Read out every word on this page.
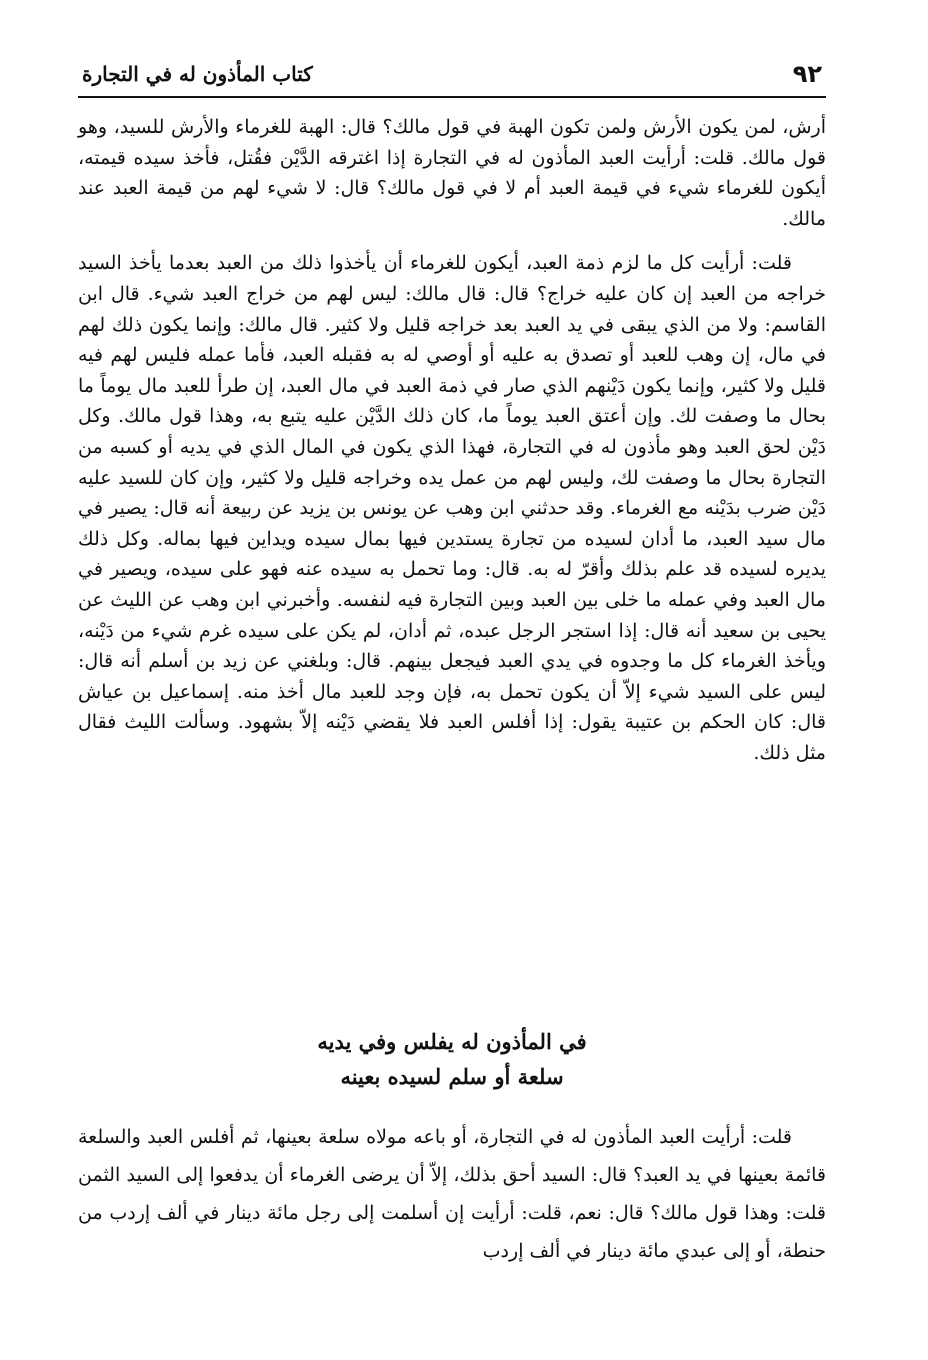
٩٢
كتاب المأذون له في التجارة

أرش، لمن يكون الأرش ولمن تكون الهبة في قول مالك؟ قال: الهبة للغرماء والأرش للسيد، وهو قول مالك. قلت: أرأيت العبد المأذون له في التجارة إذا اغترقه الدَّيْن فقُتل، فأخذ سيده قيمته، أيكون للغرماء شيء في قيمة العبد أم لا في قول مالك؟ قال: لا شيء لهم من قيمة العبد عند مالك.

قلت: أرأيت كل ما لزم ذمة العبد، أيكون للغرماء أن يأخذوا ذلك من العبد بعدما يأخذ السيد خراجه من العبد إن كان عليه خراج؟ قال: قال مالك: ليس لهم من خراج العبد شيء. قال ابن القاسم: ولا من الذي يبقى في يد العبد بعد خراجه قليل ولا كثير. قال مالك: وإنما يكون ذلك لهم في مال، إن وهب للعبد أو تصدق به عليه أو أوصي له به فقبله العبد، فأما عمله فليس لهم فيه قليل ولا كثير، وإنما يكون دَيْنهم الذي صار في ذمة العبد في مال العبد، إن طرأ للعبد مال يوماً ما بحال ما وصفت لك. وإن أعتق العبد يوماً ما، كان ذلك الدَّيْن عليه يتبع به، وهذا قول مالك. وكل دَيْن لحق العبد وهو مأذون له في التجارة، فهذا الذي يكون في المال الذي في يديه أو كسبه من التجارة بحال ما وصفت لك، وليس لهم من عمل يده وخراجه قليل ولا كثير، وإن كان للسيد عليه دَيْن ضرب بدَيْنه مع الغرماء. وقد حدثني ابن وهب عن يونس بن يزيد عن ربيعة أنه قال: يصير في مال سيد العبد، ما أدان لسيده من تجارة يستدين فيها بمال سيده ويداين فيها بماله. وكل ذلك يديره لسيده قد علم بذلك وأقرّ له به. قال: وما تحمل به سيده عنه فهو على سيده، ويصير في مال العبد وفي عمله ما خلى بين العبد وبين التجارة فيه لنفسه. وأخبرني ابن وهب عن الليث عن يحيى بن سعيد أنه قال: إذا استجر الرجل عبده، ثم أدان، لم يكن على سيده غرم شيء من دَيْنه، ويأخذ الغرماء كل ما وجدوه في يدي العبد فيجعل بينهم. قال: وبلغني عن زيد بن أسلم أنه قال: ليس على السيد شيء إلاّ أن يكون تحمل به، فإن وجد للعبد مال أخذ منه. إسماعيل بن عياش قال: كان الحكم بن عتيبة يقول: إذا أفلس العبد فلا يقضي دَيْنه إلاّ بشهود. وسألت الليث فقال مثل ذلك.

في المأذون له يفلس وفي يديه
سلعة أو سلم لسيده بعينه

قلت: أرأيت العبد المأذون له في التجارة، أو باعه مولاه سلعة بعينها، ثم أفلس العبد والسلعة قائمة بعينها في يد العبد؟ قال: السيد أحق بذلك، إلاّ أن يرضى الغرماء أن يدفعوا إلى السيد الثمن قلت: وهذا قول مالك؟ قال: نعم، قلت: أرأيت إن أسلمت إلى رجل مائة دينار في ألف إردب من حنطة، أو إلى عبدي مائة دينار في ألف إردب
